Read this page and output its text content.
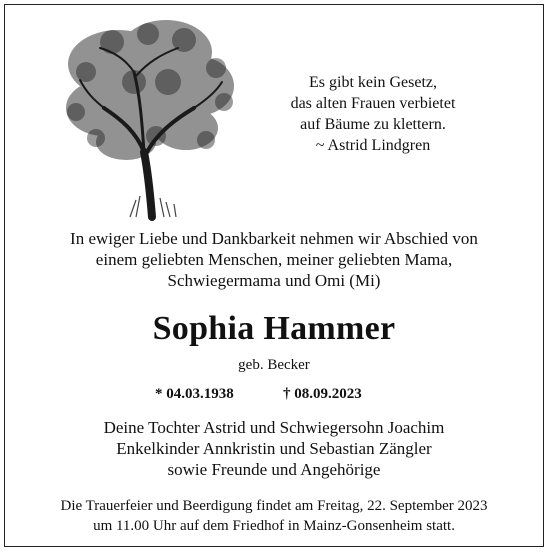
Es gibt kein Gesetz,
das alten Frauen verbietet
auf Bäume zu klettern.
~ Astrid Lindgren
In ewiger Liebe und Dankbarkeit nehmen wir Abschied von
einem geliebten Menschen, meiner geliebten Mama,
Schwiegermama und Omi (Mi)
Sophia Hammer
geb. Becker
* 04.03.1938	† 08.09.2023
Deine Tochter Astrid und Schwiegersohn Joachim
Enkelkinder Annkristin und Sebastian Zängler
sowie Freunde und Angehörige
Die Trauerfeier und Beerdigung findet am Freitag, 22. September 2023
um 11.00 Uhr auf dem Friedhof in Mainz-Gonsenheim statt.
